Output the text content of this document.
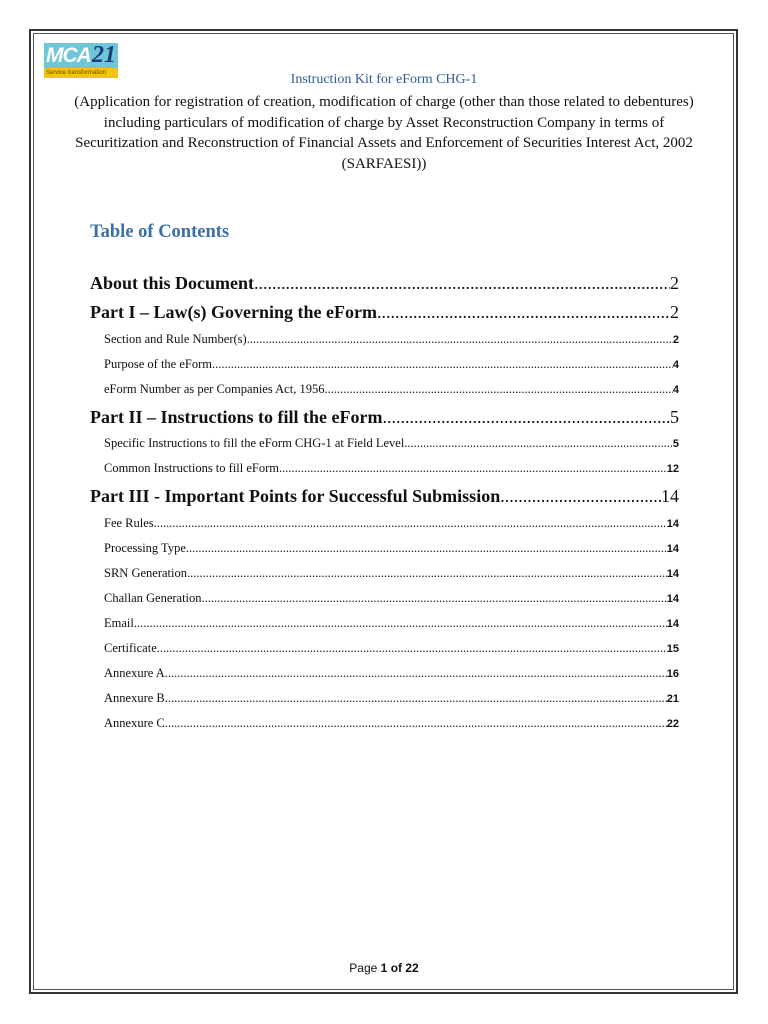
MCA 21
Service transformation	Instruction Kit for eForm CHG-1
(Application for registration of creation, modification of charge (other than those related to debentures)
including particulars of modification of charge by Asset Reconstruction Company in terms of
Securitization and Reconstruction of Financial Assets and Enforcement of Securities Interest Act, 2002
(SARFAESI))
Table of Contents
About this Document .....	2
Part I – Law(s) Governing the eForm .....	2
Section and Rule Number(s) .....	2
Purpose of the eForm .....	4
eForm Number as per Companies Act, 1956 .....	4
Part II – Instructions to fill the eForm .....	5
Specific Instructions to fill the eForm CHG-1 at Field Level .....	5
Common Instructions to fill eForm .....	12
Part III - Important Points for Successful Submission .....	14
Fee Rules .....	14
Processing Type .....	14
SRN Generation .....	14
Challan Generation .....	14
Email .....	14
Certificate .....	15
Annexure A .....	16
Annexure B .....	21
Annexure C .....	22
Page 1 of 22
